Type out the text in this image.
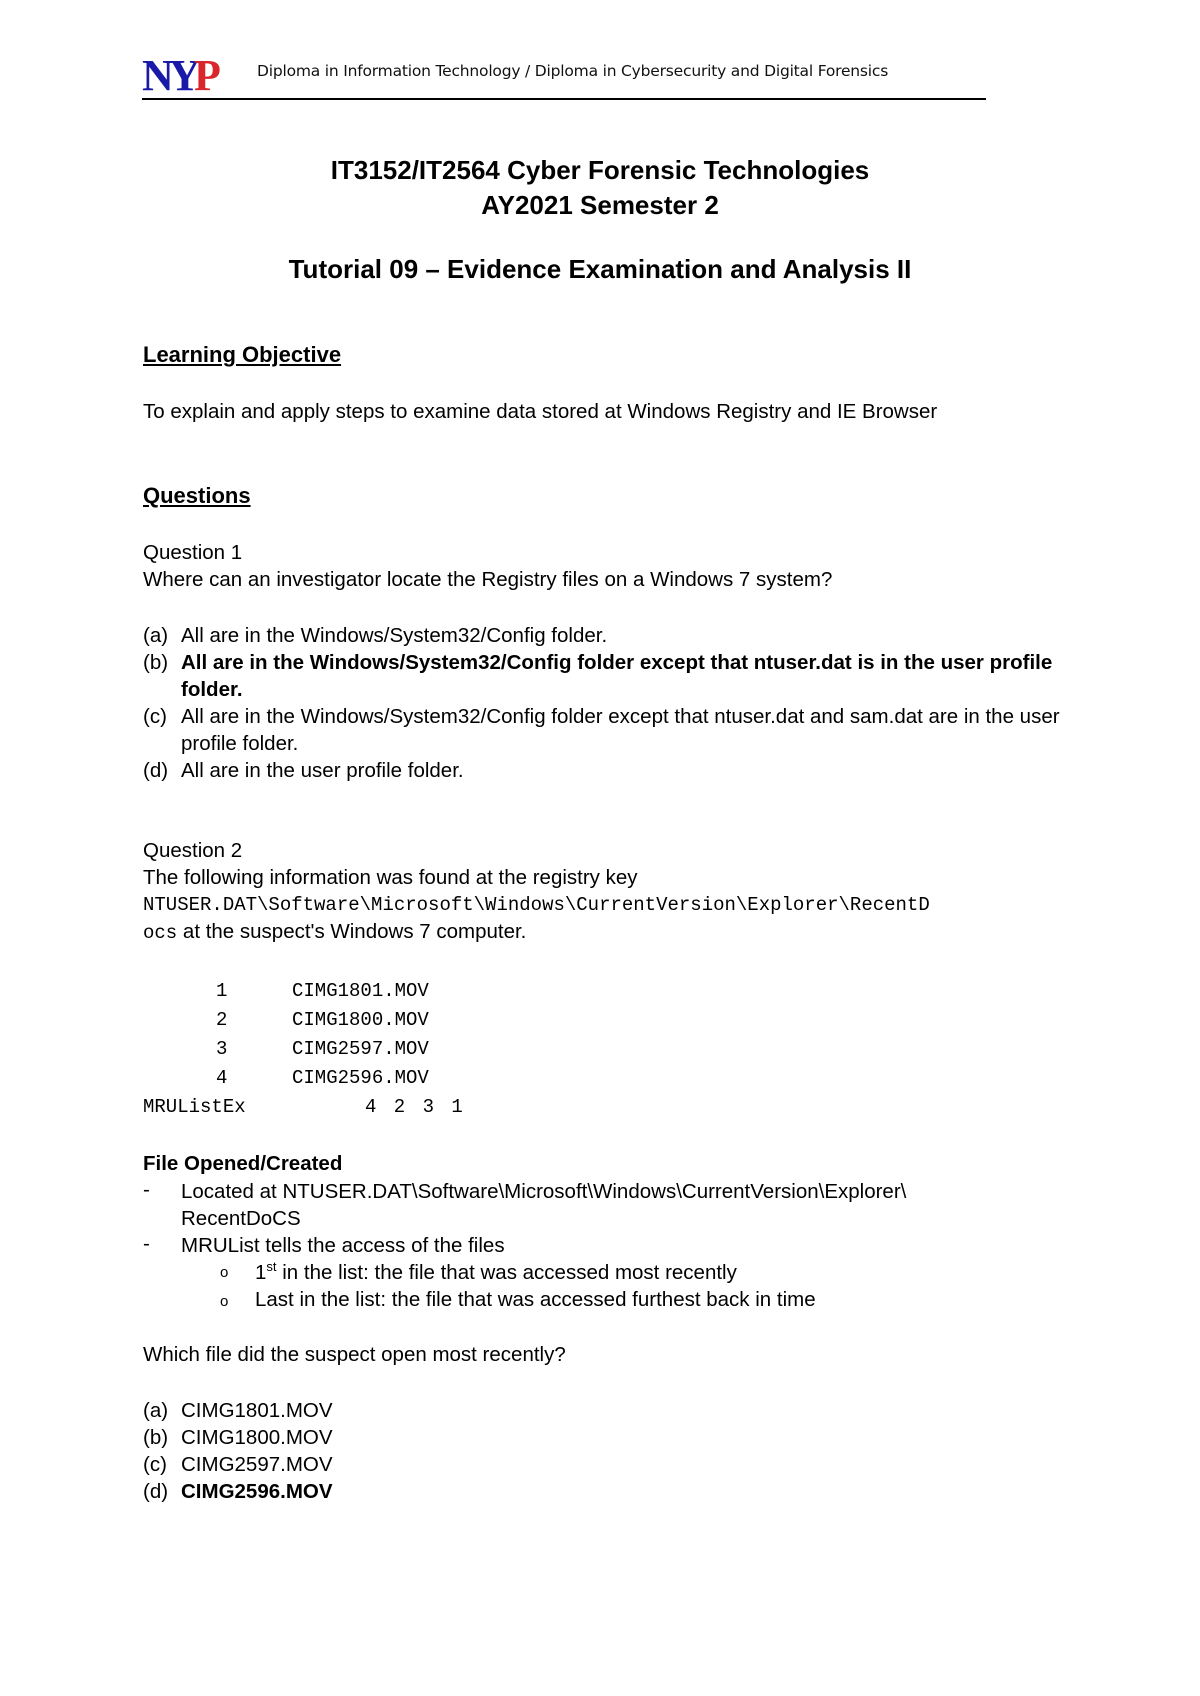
NY
P Diploma in Information Technology / Diploma in Cybersecurity and Digital Forensics
IT3152/IT2564 Cyber Forensic Technologies
AY2021 Semester 2
Tutorial 09 – Evidence Examination and Analysis II
Learning Objective
To explain and apply steps to examine data stored at Windows Registry and IE Browser
Questions
Question 1
Where can an investigator locate the Registry files on a Windows 7 system?
(a) All are in the Windows/System32/Config folder.
(b) All are in the Windows/System32/Config folder except that ntuser.dat is in the user profile folder.
(c) All are in the Windows/System32/Config folder except that ntuser.dat and sam.dat are in the user profile folder.
(d) All are in the user profile folder.
Question 2
The following information was found at the registry key
NTUSER.DAT\Software\Microsoft\Windows\CurrentVersion\Explorer\RecentD
ocs at the suspect's Windows 7 computer.
1	CIMG1801.MOV
2	CIMG1800.MOV
3	CIMG2597.MOV
4	CIMG2596.MOV
MRUListEx	4 2 3 1
File Opened/Created
- Located at NTUSER.DAT\Software\Microsoft\Windows\CurrentVersion\Explorer\
RecentDoCS
- MRUList tells the access of the files
o 1st in the list: the file that was accessed most recently
o Last in the list: the file that was accessed furthest back in time
Which file did the suspect open most recently?
(a) CIMG1801.MOV
(b) CIMG1800.MOV
(c) CIMG2597.MOV
(d) CIMG2596.MOV
